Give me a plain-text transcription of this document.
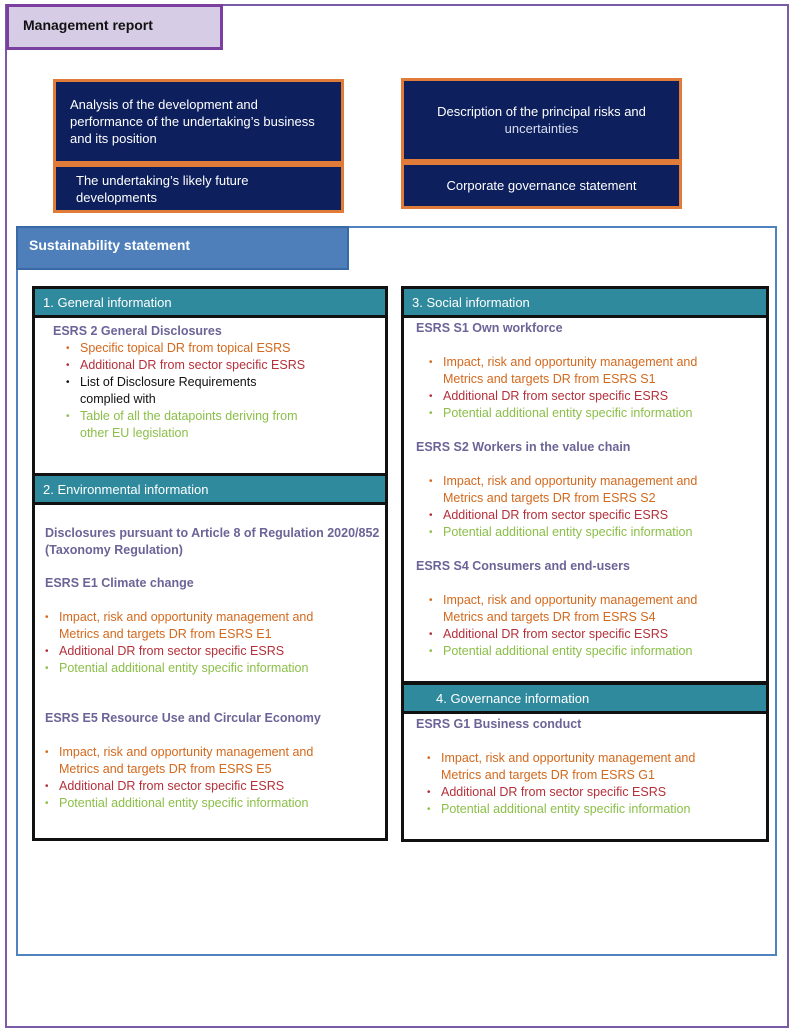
Management report
Analysis of the development and performance of the undertaking’s business and its position
The undertaking’s likely future developments
Description of the principal risks and
uncertainties
Corporate governance statement
Sustainability statement
1. General information
ESRS 2 General Disclosures
• Specific topical DR from topical ESRS
• Additional DR from sector specific ESRS
• List of Disclosure Requirements complied with
• Table of all the datapoints deriving from other EU legislation
2. Environmental information
Disclosures pursuant to Article 8 of Regulation 2020/852 (Taxonomy Regulation)
ESRS E1 Climate change
• Impact, risk and opportunity management and Metrics and targets DR from ESRS E1
• Additional DR from sector specific ESRS
• Potential additional entity specific information
ESRS E5 Resource Use and Circular Economy
• Impact, risk and opportunity management and Metrics and targets DR from ESRS E5
• Additional DR from sector specific ESRS
• Potential additional entity specific information
3. Social information
ESRS S1 Own workforce
• Impact, risk and opportunity management and Metrics and targets DR from ESRS S1
• Additional DR from sector specific ESRS
• Potential additional entity specific information
ESRS S2 Workers in the value chain
• Impact, risk and opportunity management and Metrics and targets DR from ESRS S2
• Additional DR from sector specific ESRS
• Potential additional entity specific information
ESRS S4 Consumers and end-users
• Impact, risk and opportunity management and Metrics and targets DR from ESRS S4
• Additional DR from sector specific ESRS
• Potential additional entity specific information
4. Governance information
ESRS G1 Business conduct
• Impact, risk and opportunity management and Metrics and targets DR from ESRS G1
• Additional DR from sector specific ESRS
• Potential additional entity specific information
